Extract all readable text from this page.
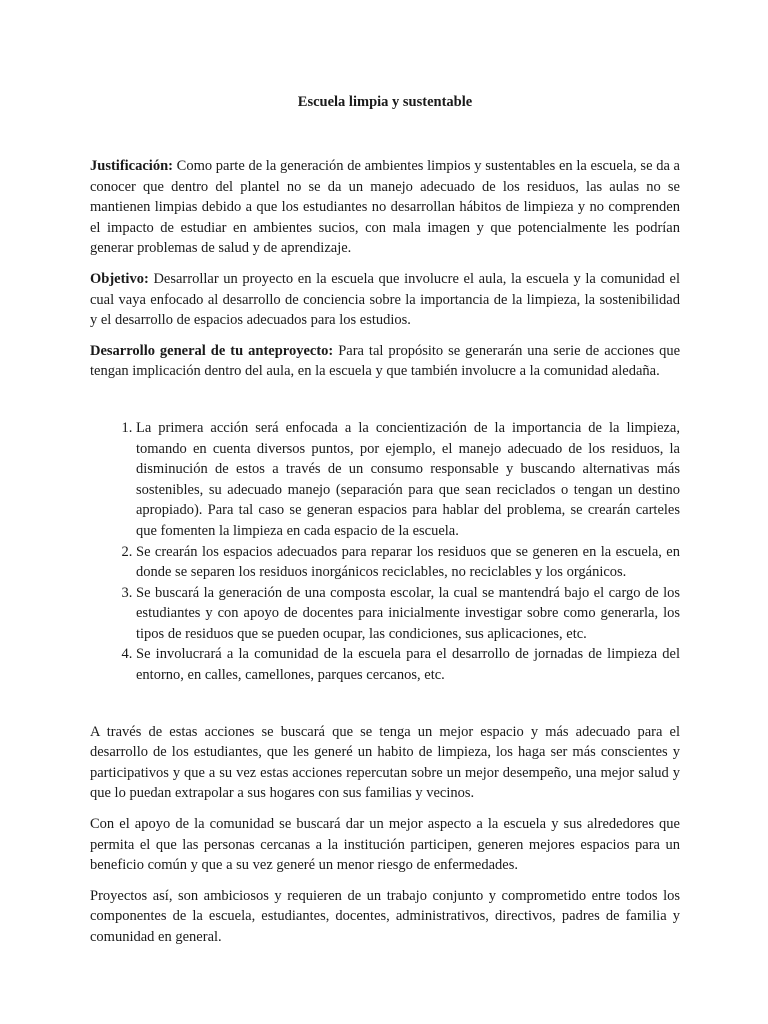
Escuela limpia y sustentable

Justificación: Como parte de la generación de ambientes limpios y sustentables en la escuela, se da a conocer que dentro del plantel no se da un manejo adecuado de los residuos, las aulas no se mantienen limpias debido a que los estudiantes no desarrollan hábitos de limpieza y no comprenden el impacto de estudiar en ambientes sucios, con mala imagen y que potencialmente les podrían generar problemas de salud y de aprendizaje.

Objetivo: Desarrollar un proyecto en la escuela que involucre el aula, la escuela y la comunidad el cual vaya enfocado al desarrollo de conciencia sobre la importancia de la limpieza, la sostenibilidad y el desarrollo de espacios adecuados para los estudios.

Desarrollo general de tu anteproyecto: Para tal propósito se generarán una serie de acciones que tengan implicación dentro del aula, en la escuela y que también involucre a la comunidad aledaña.

1. La primera acción será enfocada a la concientización de la importancia de la limpieza, tomando en cuenta diversos puntos, por ejemplo, el manejo adecuado de los residuos, la disminución de estos a través de un consumo responsable y buscando alternativas más sostenibles, su adecuado manejo (separación para que sean reciclados o tengan un destino apropiado). Para tal caso se generan espacios para hablar del problema, se crearán carteles que fomenten la limpieza en cada espacio de la escuela.
2. Se crearán los espacios adecuados para reparar los residuos que se generen en la escuela, en donde se separen los residuos inorgánicos reciclables, no reciclables y los orgánicos.
3. Se buscará la generación de una composta escolar, la cual se mantendrá bajo el cargo de los estudiantes y con apoyo de docentes para inicialmente investigar sobre como generarla, los tipos de residuos que se pueden ocupar, las condiciones, sus aplicaciones, etc.
4. Se involucrará a la comunidad de la escuela para el desarrollo de jornadas de limpieza del entorno, en calles, camellones, parques cercanos, etc.

A través de estas acciones se buscará que se tenga un mejor espacio y más adecuado para el desarrollo de los estudiantes, que les generé un habito de limpieza, los haga ser más conscientes y participativos y que a su vez estas acciones repercutan sobre un mejor desempeño, una mejor salud y que lo puedan extrapolar a sus hogares con sus familias y vecinos.

Con el apoyo de la comunidad se buscará dar un mejor aspecto a la escuela y sus alrededores que permita el que las personas cercanas a la institución participen, generen mejores espacios para un beneficio común y que a su vez generé un menor riesgo de enfermedades.

Proyectos así, son ambiciosos y requieren de un trabajo conjunto y comprometido entre todos los componentes de la escuela, estudiantes, docentes, administrativos, directivos, padres de familia y comunidad en general.
